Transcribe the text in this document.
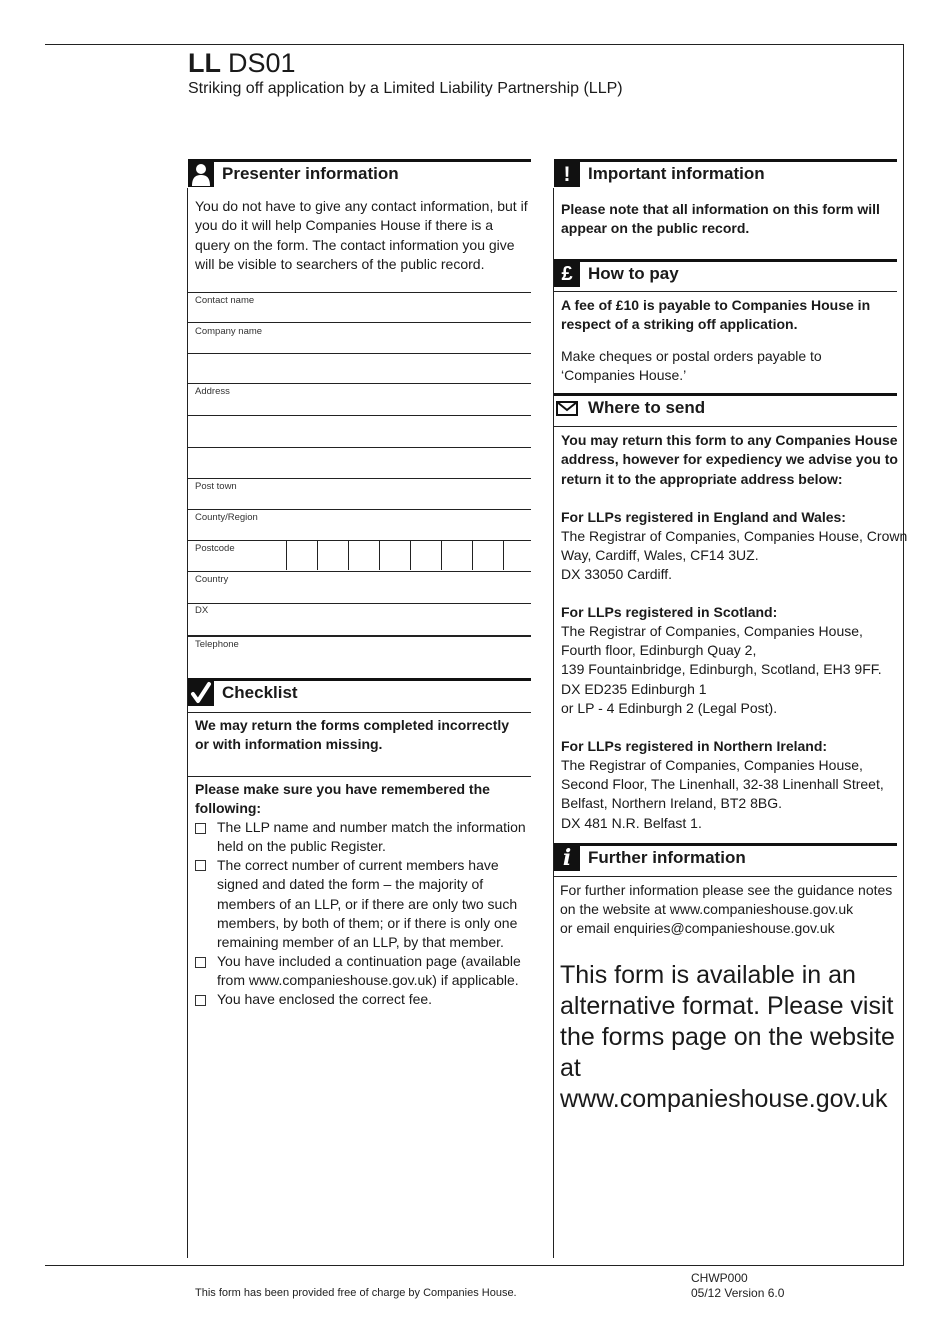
LL DS01
Striking off application by a Limited Liability Partnership (LLP)
Presenter information
You do not have to give any contact information, but if you do it will help Companies House if there is a query on the form. The contact information you give will be visible to searchers of the public record.
Contact name
Company name
Address
Post town
County/Region
Postcode
Country
DX
Telephone
Checklist
We may return the forms completed incorrectly or with information missing.
Please make sure you have remembered the following:
The LLP name and number match the information held on the public Register.
The correct number of current members have signed and dated the form – the majority of members of an LLP, or if there are only two such members, by both of them; or if there is only one remaining member of an LLP, by that member.
You have included a continuation page (available from www.companieshouse.gov.uk) if applicable.
You have enclosed the correct fee.
!	Important information
Please note that all information on this form will appear on the public record.
£ How to pay
A fee of £10 is payable to Companies House in respect of a striking off application.
Make cheques or postal orders payable to ‘Companies House.’
Where to send
You may return this form to any Companies House address, however for expediency we advise you to return it to the appropriate address below:
For LLPs registered in England and Wales:
The Registrar of Companies, Companies House, Crown
Way, Cardiff, Wales, CF14 3UZ.
DX 33050 Cardiff.
For LLPs registered in Scotland:
The Registrar of Companies, Companies House,
Fourth floor, Edinburgh Quay 2,
139 Fountainbridge, Edinburgh, Scotland, EH3 9FF.
DX ED235 Edinburgh 1
or LP - 4 Edinburgh 2 (Legal Post).
For LLPs registered in Northern Ireland:
The Registrar of Companies, Companies House,
Second Floor, The Linenhall, 32-38 Linenhall Street,
Belfast, Northern Ireland, BT2 8BG.
DX 481 N.R. Belfast 1.
i Further information
For further information please see the guidance notes
on the website at www.companieshouse.gov.uk
or email enquiries@companieshouse.gov.uk
This form is available in an alternative format. Please visit the forms page on the website at www.companieshouse.gov.uk
This form has been provided free of charge by Companies House.
CHWP000
05/12 Version 6.0
